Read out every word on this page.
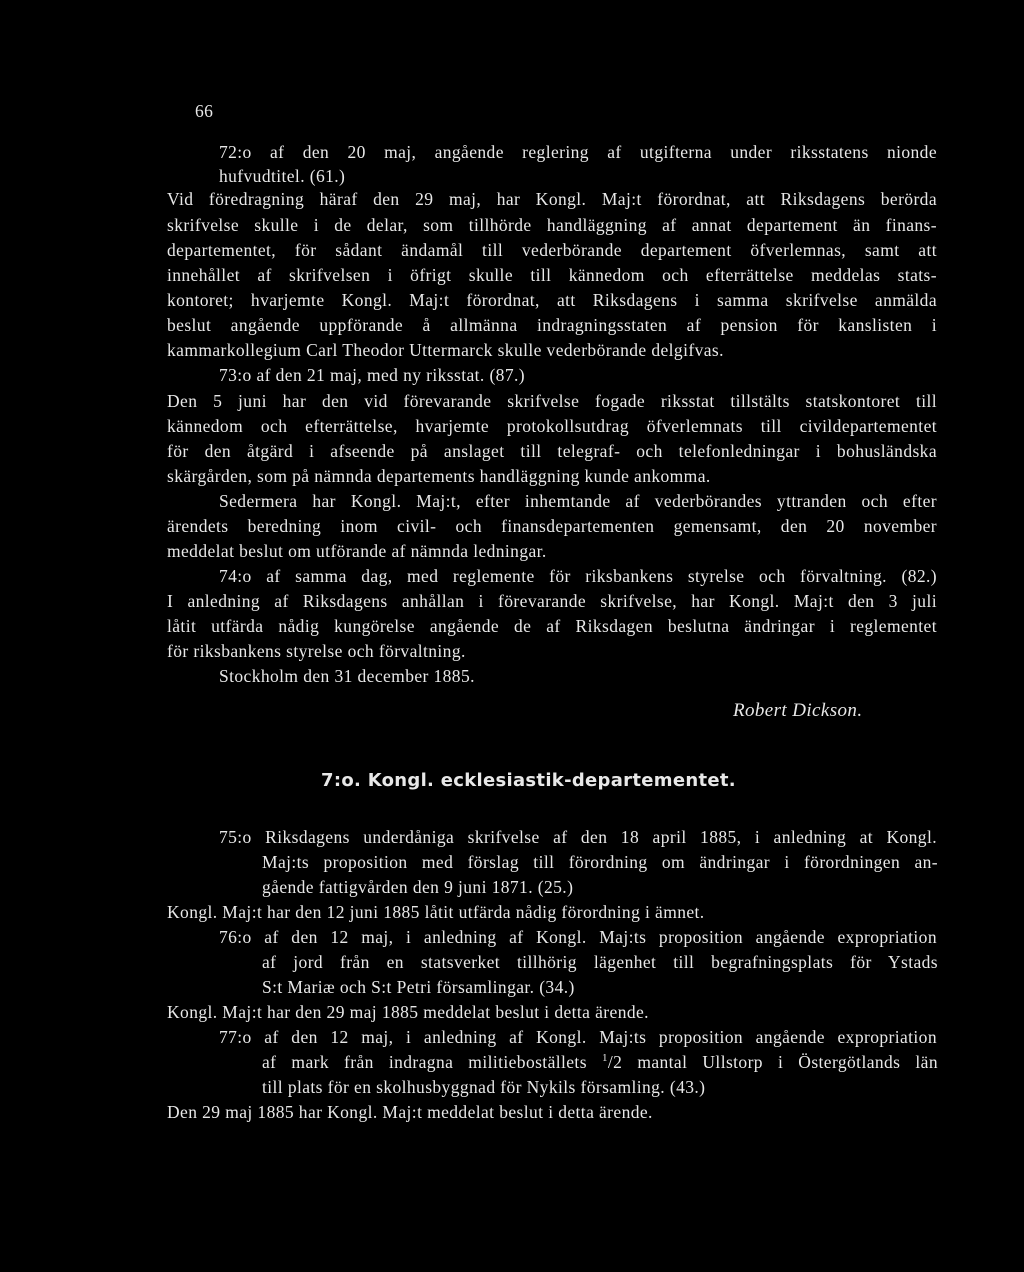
66
72:o af den 20 maj, angående reglering af utgifterna under riksstatens nionde
hufvudtitel. (61.)
Vid föredragning häraf den 29 maj, har Kongl. Maj:t förordnat, att Riksdagens berörda
skrifvelse skulle i de delar, som tillhörde handläggning af annat departement än finans-
departementet, för sådant ändamål till vederbörande departement öfverlemnas, samt att
innehållet af skrifvelsen i öfrigt skulle till kännedom och efterrättelse meddelas stats-
kontoret; hvarjemte Kongl. Maj:t förordnat, att Riksdagens i samma skrifvelse anmälda
beslut angående uppförande å allmänna indragningsstaten af pension för kanslisten i
kammarkollegium Carl Theodor Uttermarck skulle vederbörande delgifvas.
73:o af den 21 maj, med ny riksstat. (87.)
Den 5 juni har den vid förevarande skrifvelse fogade riksstat tillstälts statskontoret till
kännedom och efterrättelse, hvarjemte protokollsutdrag öfverlemnats till civildepartementet
för den åtgärd i afseende på anslaget till telegraf- och telefonledningar i bohusländska
skärgården, som på nämnda departements handläggning kunde ankomma.
Sedermera har Kongl. Maj:t, efter inhemtande af vederbörandes yttranden och efter
ärendets beredning inom civil- och finansdepartementen gemensamt, den 20 november
meddelat beslut om utförande af nämnda ledningar.
74:o af samma dag, med reglemente för riksbankens styrelse och förvaltning. (82.)
I anledning af Riksdagens anhållan i förevarande skrifvelse, har Kongl. Maj:t den 3 juli
låtit utfärda nådig kungörelse angående de af Riksdagen beslutna ändringar i reglementet
för riksbankens styrelse och förvaltning.
Stockholm den 31 december 1885.
Robert Dickson.
7:o. Kongl. ecklesiastik-departementet.
75:o Riksdagens underdåniga skrifvelse af den 18 april 1885, i anledning at Kongl.
Maj:ts proposition med förslag till förordning om ändringar i förordningen an-
gående fattigvården den 9 juni 1871. (25.)
Kongl. Maj:t har den 12 juni 1885 låtit utfärda nådig förordning i ämnet.
76:o af den 12 maj, i anledning af Kongl. Maj:ts proposition angående expropriation
af jord från en statsverket tillhörig lägenhet till begrafningsplats för Ystads
S:t Mariæ och S:t Petri församlingar. (34.)
Kongl. Maj:t har den 29 maj 1885 meddelat beslut i detta ärende.
77:o af den 12 maj, i anledning af Kongl. Maj:ts proposition angående expropriation
af mark från indragna militieboställets $^1$/2 mantal Ullstorp i Östergötlands län
till plats för en skolhusbyggnad för Nykils församling. (43.)
Den 29 maj 1885 har Kongl. Maj:t meddelat beslut i detta ärende.
